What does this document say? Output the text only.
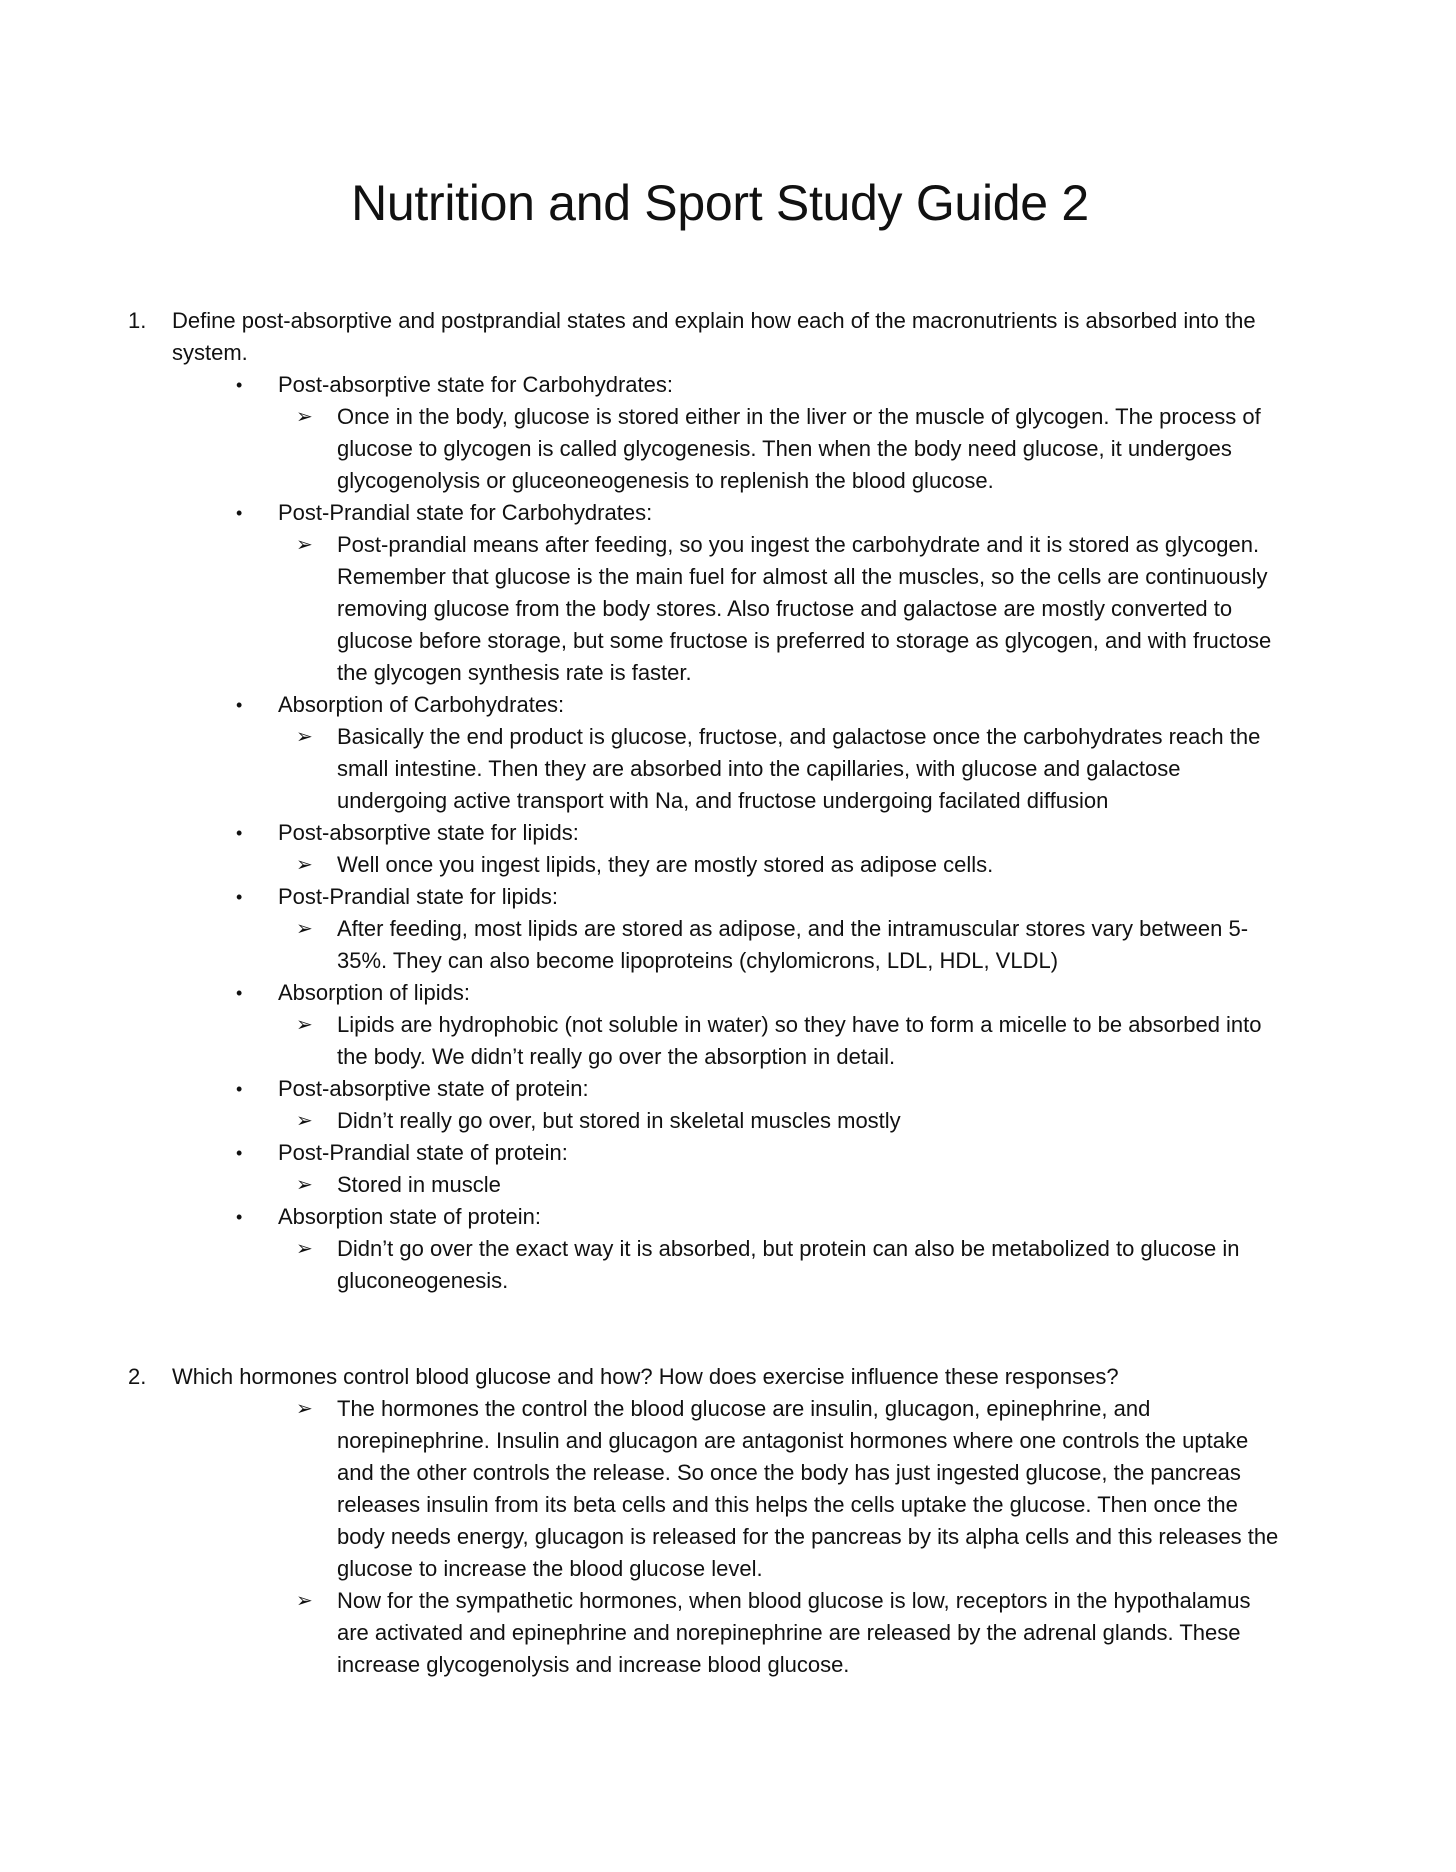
Nutrition and Sport Study Guide 2
1. Define post-absorptive and postprandial states and explain how each of the macronutrients is absorbed into the system.
• Post-absorptive state for Carbohydrates:
➢ Once in the body, glucose is stored either in the liver or the muscle of glycogen. The process of glucose to glycogen is called glycogenesis. Then when the body need glucose, it undergoes glycogenolysis or gluceoneogenesis to replenish the blood glucose.
• Post-Prandial state for Carbohydrates:
➢ Post-prandial means after feeding, so you ingest the carbohydrate and it is stored as glycogen. Remember that glucose is the main fuel for almost all the muscles, so the cells are continuously removing glucose from the body stores. Also fructose and galactose are mostly converted to glucose before storage, but some fructose is preferred to storage as glycogen, and with fructose the glycogen synthesis rate is faster.
• Absorption of Carbohydrates:
➢ Basically the end product is glucose, fructose, and galactose once the carbohydrates reach the small intestine. Then they are absorbed into the capillaries, with glucose and galactose undergoing active transport with Na, and fructose undergoing facilated diffusion
• Post-absorptive state for lipids:
➢ Well once you ingest lipids, they are mostly stored as adipose cells.
• Post-Prandial state for lipids:
➢ After feeding, most lipids are stored as adipose, and the intramuscular stores vary between 5-35%. They can also become lipoproteins (chylomicrons, LDL, HDL, VLDL)
• Absorption of lipids:
➢ Lipids are hydrophobic (not soluble in water) so they have to form a micelle to be absorbed into the body. We didn’t really go over the absorption in detail.
• Post-absorptive state of protein:
➢ Didn’t really go over, but stored in skeletal muscles mostly
• Post-Prandial state of protein:
➢ Stored in muscle
• Absorption state of protein:
➢ Didn’t go over the exact way it is absorbed, but protein can also be metabolized to glucose in gluconeogenesis.
2. Which hormones control blood glucose and how? How does exercise influence these responses?
➢ The hormones the control the blood glucose are insulin, glucagon, epinephrine, and norepinephrine. Insulin and glucagon are antagonist hormones where one controls the uptake and the other controls the release. So once the body has just ingested glucose, the pancreas releases insulin from its beta cells and this helps the cells uptake the glucose. Then once the body needs energy, glucagon is released for the pancreas by its alpha cells and this releases the glucose to increase the blood glucose level.
➢ Now for the sympathetic hormones, when blood glucose is low, receptors in the hypothalamus are activated and epinephrine and norepinephrine are released by the adrenal glands. These increase glycogenolysis and increase blood glucose.
